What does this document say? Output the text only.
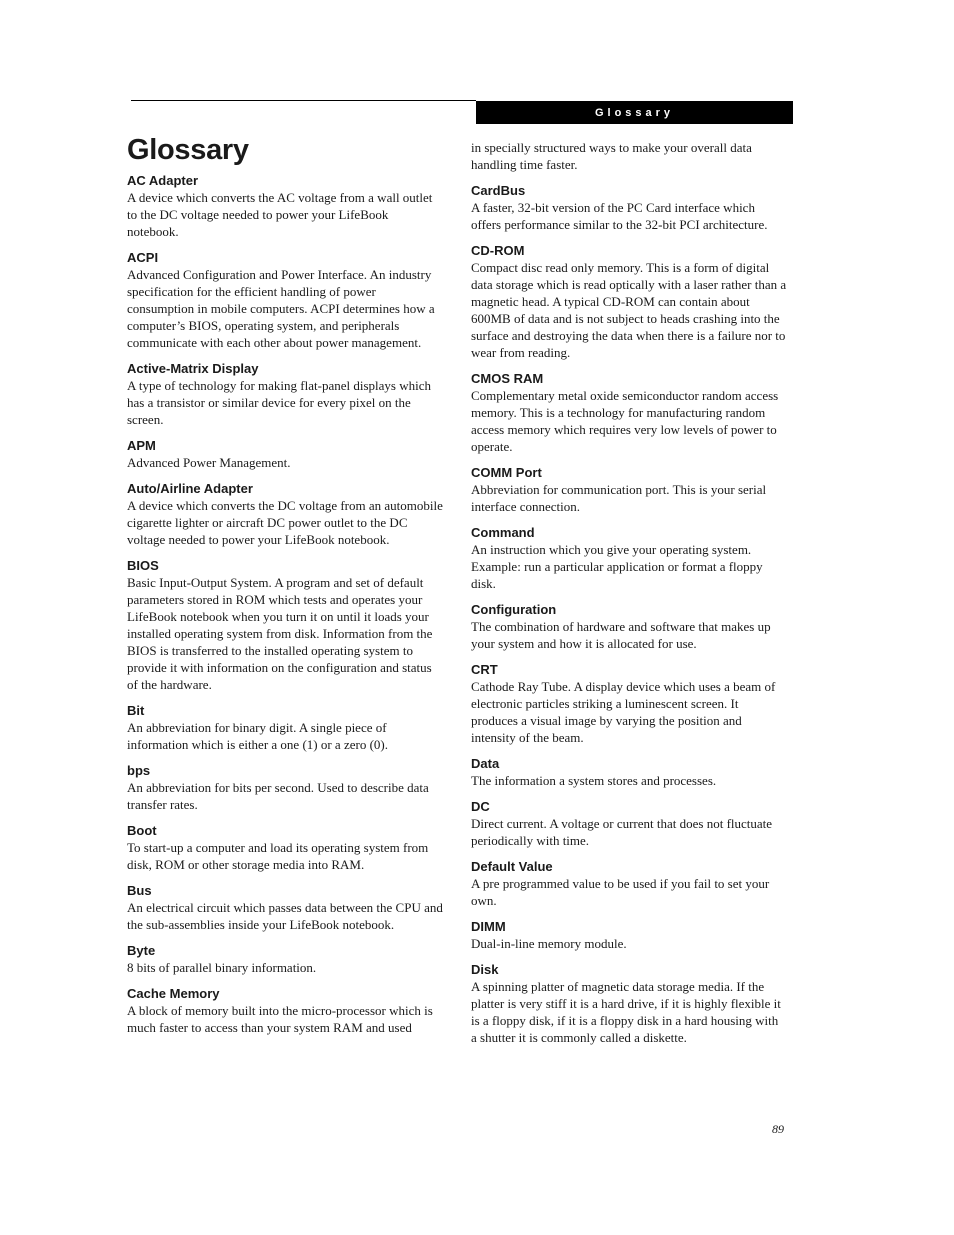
Glossary
Glossary
AC Adapter
A device which converts the AC voltage from a wall outlet to the DC voltage needed to power your LifeBook notebook.
ACPI
Advanced Configuration and Power Interface. An industry specification for the efficient handling of power consumption in mobile computers. ACPI determines how a computer’s BIOS, operating system, and peripherals communicate with each other about power management.
Active-Matrix Display
A type of technology for making flat-panel displays which has a transistor or similar device for every pixel on the screen.
APM
Advanced Power Management.
Auto/Airline Adapter
A device which converts the DC voltage from an automobile cigarette lighter or aircraft DC power outlet to the DC voltage needed to power your LifeBook notebook.
BIOS
Basic Input-Output System. A program and set of default parameters stored in ROM which tests and operates your LifeBook notebook when you turn it on until it loads your installed operating system from disk. Information from the BIOS is transferred to the installed operating system to provide it with information on the configuration and status of the hardware.
Bit
An abbreviation for binary digit. A single piece of information which is either a one (1) or a zero (0).
bps
An abbreviation for bits per second. Used to describe data transfer rates.
Boot
To start-up a computer and load its operating system from disk, ROM or other storage media into RAM.
Bus
An electrical circuit which passes data between the CPU and the sub-assemblies inside your LifeBook notebook.
Byte
8 bits of parallel binary information.
Cache Memory
A block of memory built into the micro-processor which is much faster to access than your system RAM and used
in specially structured ways to make your overall data handling time faster.
CardBus
A faster, 32-bit version of the PC Card interface which offers performance similar to the 32-bit PCI architecture.
CD-ROM
Compact disc read only memory. This is a form of digital data storage which is read optically with a laser rather than a magnetic head. A typical CD-ROM can contain about 600MB of data and is not subject to heads crashing into the surface and destroying the data when there is a failure nor to wear from reading.
CMOS RAM
Complementary metal oxide semiconductor random access memory. This is a technology for manufacturing random access memory which requires very low levels of power to operate.
COMM Port
Abbreviation for communication port. This is your serial interface connection.
Command
An instruction which you give your operating system. Example: run a particular application or format a floppy disk.
Configuration
The combination of hardware and software that makes up your system and how it is allocated for use.
CRT
Cathode Ray Tube. A display device which uses a beam of electronic particles striking a luminescent screen. It produces a visual image by varying the position and intensity of the beam.
Data
The information a system stores and processes.
DC
Direct current. A voltage or current that does not fluctuate periodically with time.
Default Value
A pre programmed value to be used if you fail to set your own.
DIMM
Dual-in-line memory module.
Disk
A spinning platter of magnetic data storage media. If the platter is very stiff it is a hard drive, if it is highly flexible it is a floppy disk, if it is a floppy disk in a hard housing with a shutter it is commonly called a diskette.
89
